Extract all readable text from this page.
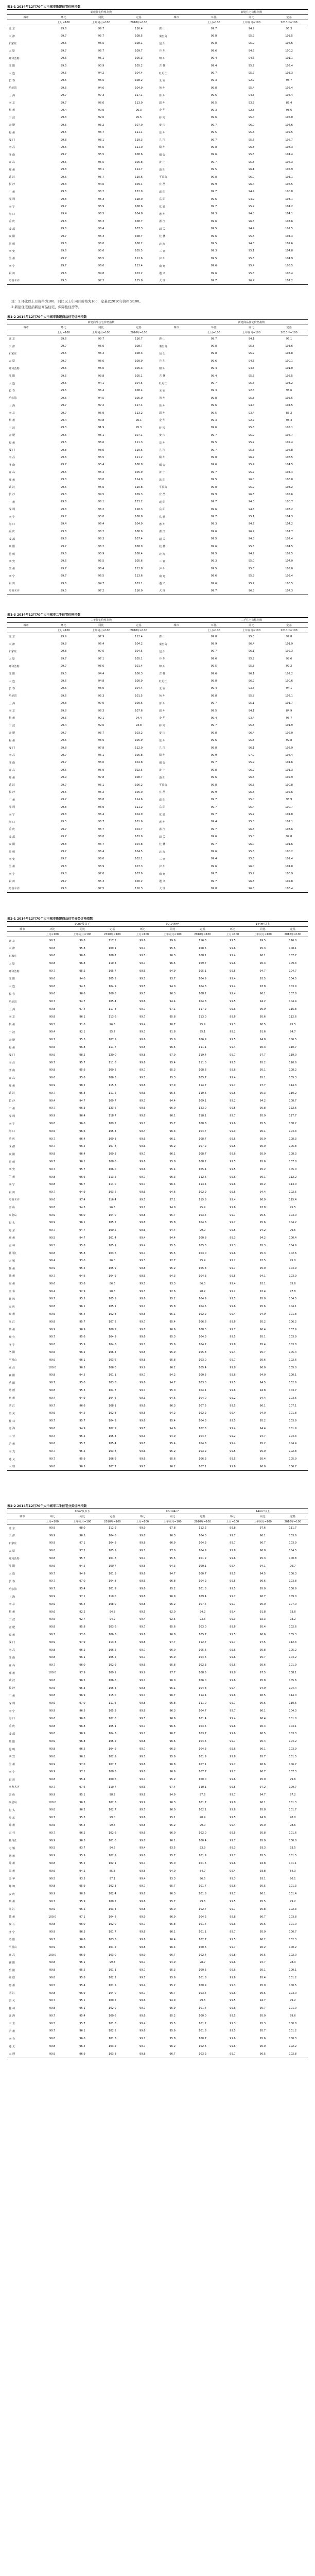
表1-1 2014年12月70个大中城市新建住宅价格指数
	新建住宅价格指数				新建住宅价格指数		
城市	环比	同比	定基	城市	环比	同比	定基
	上月=100	上年同月=100	2010年=100		上月=100	上年同月=100	2010年=100
北 京	99.6	99.7	116.4	唐 山	99.7	94.2	96.3
天 津	99.7	95.7	108.5	秦皇岛	99.8	95.9	103.5
石家庄	99.5	96.5	108.1	包 头	99.8	95.9	104.6
太 原	99.7	96.7	109.7	丹 东	99.6	94.6	100.2
呼和浩特	99.6	95.1	105.3	锦 州	99.4	94.6	101.1
沈 阳	99.5	93.9	105.2	吉 林	99.4	95.7	105.4
大 连	99.5	94.2	104.4	牡丹江	99.7	95.7	103.3
长 春	99.5	96.5	108.2	无 锡	99.3	92.9	95.7
哈尔滨	99.6	94.6	104.9	扬 州	99.8	95.4	105.4
上 海	99.7	97.3	117.1	徐 州	99.6	94.5	104.4
南 京	99.7	96.0	113.0	温 州	99.5	93.5	86.4
杭 州	99.4	90.9	96.3	金 华	99.3	92.8	98.6
宁 波	99.3	92.0	95.5	蚌 埠	99.6	95.4	105.0
合 肥	99.6	95.2	107.0	安 庆	99.7	96.0	104.6
福 州	99.5	96.7	111.1	泉 州	99.5	95.3	102.5
厦 门	99.8	98.1	119.3	九 江	99.7	95.6	106.7
南 昌	99.6	95.6	111.0	赣 州	99.8	96.8	108.3
济 南	99.7	95.5	108.6	烟 台	99.6	95.5	104.4
青 岛	99.5	95.5	105.8	济 宁	99.7	95.8	104.3
郑 州	99.8	98.1	114.7	洛 阳	99.5	96.1	105.9
武 汉	99.6	95.7	110.6	平顶山	99.8	96.0	103.1
长 沙	99.3	94.6	109.1	宜 昌	99.9	96.4	105.5
广 州	99.6	96.2	122.9	襄 阳	99.7	94.4	100.8
深 圳	99.8	96.3	118.0	岳 阳	99.6	94.9	103.1
南 宁	99.7	95.9	108.6	常 德	99.7	95.2	104.2
海 口	99.4	96.5	104.8	惠 州	99.3	94.8	104.1
重 庆	99.6	96.3	108.7	湛 江	99.6	96.5	107.6
成 都	99.6	96.4	107.3	韶 关	99.5	94.4	102.5
贵 阳	99.7	96.3	108.7	桂 林	99.6	95.6	104.4
昆 明	99.6	96.0	108.2	北 海	99.5	94.8	102.6
西 安	99.6	95.6	105.5	三 亚	99.3	95.1	104.8
兰 州	99.7	96.5	112.6	泸 州	99.5	95.6	104.9
西 宁	99.7	96.6	113.4	南 充	99.6	95.4	103.5
银 川	99.6	94.8	103.2	遵 义	99.6	95.8	106.4
乌鲁木齐	99.5	97.3	115.8	大 理	99.7	96.4	107.2
注：1.环比以上月价格为100，同比以上年同月价格为100，定基以2010年价格为100。
2.新建住宅包括新建商品住宅、保障性住房等。
表1-2 2014年12月70个大中城市新建商品住宅价格指数
	新建商品住宅价格指数				新建商品住宅价格指数		
城市	环比	同比	定基	城市	环比	同比	定基
	上月=100	上年同月=100	2010年=100		上月=100	上年同月=100	2010年=100
北 京	99.6	99.7	116.7	唐 山	99.7	94.1	96.1
天 津	99.7	95.6	108.7	秦皇岛	99.8	95.8	103.6
石家庄	99.5	96.4	108.3	包 头	99.8	95.9	104.8
太 原	99.7	96.6	109.9	丹 东	99.6	94.5	100.1
呼和浩特	99.6	95.0	105.3	锦 州	99.4	94.5	101.0
沈 阳	99.5	93.8	105.1	吉 林	99.4	95.6	105.5
大 连	99.5	94.1	104.5	牡丹江	99.7	95.6	103.2
长 春	99.5	96.4	108.4	无 锡	99.3	92.8	95.6
哈尔滨	99.6	94.5	105.0	扬 州	99.8	95.3	105.5
上 海	99.7	97.2	117.4	徐 州	99.6	94.4	104.5
南 京	99.7	95.9	113.2	温 州	99.5	93.4	86.2
杭 州	99.4	90.8	96.1	金 华	99.3	92.7	98.4
宁 波	99.3	91.9	95.3	蚌 埠	99.6	95.3	105.1
合 肥	99.6	95.1	107.1	安 庆	99.7	95.9	104.7
福 州	99.5	96.6	111.3	泉 州	99.5	95.2	102.4
厦 门	99.8	98.0	119.6	九 江	99.7	95.5	106.8
南 昌	99.6	95.5	111.2	赣 州	99.8	96.7	108.5
济 南	99.7	95.4	108.8	烟 台	99.6	95.4	104.5
青 岛	99.5	95.4	105.9	济 宁	99.7	95.7	104.4
郑 州	99.8	98.0	114.9	洛 阳	99.5	96.0	106.0
武 汉	99.6	95.6	110.8	平顶山	99.8	95.9	103.2
长 沙	99.3	94.5	109.3	宜 昌	99.9	96.3	105.6
广 州	99.6	96.1	123.2	襄 阳	99.7	94.3	100.7
深 圳	99.8	96.2	118.3	岳 阳	99.6	94.8	103.2
南 宁	99.7	95.8	108.8	常 德	99.7	95.1	104.3
海 口	99.4	96.4	104.9	惠 州	99.3	94.7	104.2
重 庆	99.6	96.2	108.9	湛 江	99.6	96.4	107.7
成 都	99.6	96.3	107.4	韶 关	99.5	94.3	102.4
贵 阳	99.7	96.2	108.9	桂 林	99.6	95.5	104.5
昆 明	99.6	95.9	108.4	北 海	99.5	94.7	102.5
西 安	99.6	95.5	105.6	三 亚	99.3	95.0	104.9
兰 州	99.7	96.4	112.8	泸 州	99.5	95.5	105.0
西 宁	99.7	96.5	113.6	南 充	99.6	95.3	103.4
银 川	99.6	94.7	103.1	遵 义	99.6	95.7	106.5
乌鲁木齐	99.5	97.2	116.0	大 理	99.7	96.3	107.3
表1-3 2014年12月70个大中城市二手住宅价格指数
	二手住宅价格指数				二手住宅价格指数		
城市	环比	同比	定基	城市	环比	同比	定基
	上月=100	上年同月=100	2010年=100		上月=100	上年同月=100	2010年=100
北 京	99.9	97.9	112.4	唐 山	99.8	95.0	97.8
天 津	99.8	96.4	104.2	秦皇岛	99.9	96.4	101.9
石家庄	99.8	97.0	104.5	包 头	99.7	96.1	102.3
太 原	99.7	97.1	105.1	丹 东	99.6	95.2	98.6
呼和浩特	99.7	95.6	101.4	锦 州	99.5	95.3	99.2
沈 阳	99.5	94.4	100.3	吉 林	99.6	96.1	102.2
大 连	99.6	94.8	100.9	牡丹江	99.8	96.2	100.6
长 春	99.6	96.9	104.4	无 锡	99.4	93.6	94.1
哈尔滨	99.6	95.3	101.5	扬 州	99.8	95.8	102.1
上 海	99.8	97.0	109.6	徐 州	99.7	95.1	101.7
南 京	99.8	96.3	107.6	温 州	99.5	94.1	84.9
杭 州	99.5	92.1	94.4	金 华	99.4	93.4	96.7
宁 波	99.4	92.6	93.8	蚌 埠	99.7	95.8	101.9
合 肥	99.7	95.7	103.2	安 庆	99.8	96.4	102.0
福 州	99.6	96.9	105.9	泉 州	99.6	95.8	99.8
厦 门	99.8	97.8	112.9	九 江	99.8	96.1	102.9
南 昌	99.7	96.1	105.8	赣 州	99.9	97.0	104.4
济 南	99.7	96.0	104.8	烟 台	99.7	95.9	101.6
青 岛	99.6	95.9	102.5	济 宁	99.8	96.2	101.3
郑 州	99.9	97.8	108.7	洛 阳	99.6	96.5	102.9
武 汉	99.7	96.1	106.2	平顶山	99.8	96.5	100.8
长 沙	99.5	95.2	105.0	宜 昌	99.9	96.8	102.6
广 州	99.7	96.8	114.6	襄 阳	99.7	95.0	98.9
深 圳	99.8	96.9	111.2	岳 阳	99.7	95.4	100.7
南 宁	99.8	96.4	104.9	常 德	99.7	95.7	101.8
海 口	99.5	96.7	101.6	惠 州	99.4	95.3	101.1
重 庆	99.7	96.7	104.7	湛 江	99.7	96.8	103.6
成 都	99.7	96.8	103.9	韶 关	99.6	95.0	99.8
贵 阳	99.8	96.7	104.8	桂 林	99.7	96.0	101.6
昆 明	99.7	96.4	104.5	北 海	99.6	95.3	100.2
西 安	99.7	96.0	102.1	三 亚	99.4	95.6	101.4
兰 州	99.8	96.9	107.3	泸 州	99.6	96.0	101.8
西 宁	99.8	97.0	107.9	南 充	99.7	95.9	100.9
银 川	99.7	95.3	100.2	遵 义	99.7	96.3	102.8
乌鲁木齐	99.6	97.5	110.3	大 理	99.8	96.8	103.4
表2-1 2014年12月70个大中城市新建商品住宅分类价格指数
	90m²及以下			90-144m²			144m²以上		
城市	环比	同比	定基	环比	同比	定基	环比	同比	定基
	上月=100	上年同月=100	2010年=100	上月=100	上年同月=100	2010年=100	上月=100	上年同月=100	2010年=100
北 京	99.7	99.8	117.2	99.6	99.6	116.3	99.5	99.5	116.0
天 津	99.8	95.8	109.1	99.7	95.5	108.5	99.6	95.3	108.1
石家庄	99.6	96.6	108.7	99.5	96.3	108.1	99.4	96.1	107.7
太 原	99.8	96.8	110.3	99.7	96.5	109.7	99.6	96.3	109.3
呼和浩特	99.7	95.2	105.7	99.6	94.9	105.1	99.5	94.7	104.7
沈 阳	99.6	94.0	105.5	99.5	93.7	104.9	99.4	93.5	104.5
大 连	99.6	94.3	104.9	99.5	94.0	104.3	99.4	93.8	103.9
长 春	99.6	96.6	108.8	99.5	96.3	108.2	99.4	96.1	107.8
哈尔滨	99.7	94.7	105.4	99.6	94.4	104.8	99.5	94.2	104.4
上 海	99.8	97.4	117.8	99.7	97.1	117.2	99.6	96.9	116.8
南 京	99.8	96.1	113.6	99.7	95.8	113.0	99.6	95.6	112.6
杭 州	99.5	91.0	96.5	99.4	90.7	95.9	99.3	90.5	95.5
宁 波	99.4	92.1	95.7	99.3	91.8	95.1	99.2	91.6	94.7
合 肥	99.7	95.3	107.5	99.6	95.0	106.9	99.5	94.8	106.5
福 州	99.6	96.8	111.7	99.5	96.5	111.1	99.4	96.3	110.7
厦 门	99.9	98.2	120.0	99.8	97.9	119.4	99.7	97.7	119.0
南 昌	99.7	95.7	111.6	99.6	95.4	111.0	99.5	95.2	110.6
济 南	99.8	95.6	109.2	99.7	95.3	108.6	99.6	95.1	108.2
青 岛	99.6	95.6	106.3	99.5	95.3	105.7	99.4	95.1	105.3
郑 州	99.9	98.2	115.3	99.8	97.9	114.7	99.7	97.7	114.3
武 汉	99.7	95.8	111.2	99.6	95.5	110.6	99.5	95.3	110.2
长 沙	99.4	94.7	109.7	99.3	94.4	109.1	99.2	94.2	108.7
广 州	99.7	96.3	123.6	99.6	96.0	123.0	99.5	95.8	122.6
深 圳	99.9	96.4	118.7	99.8	96.1	118.1	99.7	95.9	117.7
南 宁	99.8	96.0	109.2	99.7	95.7	108.6	99.6	95.5	108.2
海 口	99.5	96.6	105.3	99.4	96.3	104.7	99.3	96.1	104.3
重 庆	99.7	96.4	109.3	99.6	96.1	108.7	99.5	95.9	108.3
成 都	99.7	96.5	107.8	99.6	96.2	107.2	99.5	96.0	106.8
贵 阳	99.8	96.4	109.3	99.7	96.1	108.7	99.6	95.9	108.3
昆 明	99.7	96.1	108.8	99.6	95.8	108.2	99.5	95.6	107.8
西 安	99.7	95.7	106.0	99.6	95.4	105.4	99.5	95.2	105.0
兰 州	99.8	96.6	113.2	99.7	96.3	112.6	99.6	96.1	112.2
西 宁	99.8	96.7	114.0	99.7	96.4	113.4	99.6	96.2	113.0
银 川	99.7	94.9	103.5	99.6	94.6	102.9	99.5	94.4	102.5
乌鲁木齐	99.6	97.4	116.4	99.5	97.1	115.8	99.4	96.9	115.4
唐 山	99.8	94.3	96.5	99.7	94.0	95.9	99.6	93.8	95.5
秦皇岛	99.9	96.0	104.0	99.8	95.7	103.4	99.7	95.5	103.0
包 头	99.9	96.1	105.2	99.8	95.8	104.6	99.7	95.6	104.2
丹 东	99.7	94.7	100.5	99.6	94.4	99.9	99.5	94.2	99.5
锦 州	99.5	94.7	101.4	99.4	94.4	100.8	99.3	94.2	100.4
吉 林	99.5	95.8	105.9	99.4	95.5	105.3	99.3	95.3	104.9
牡丹江	99.8	95.8	103.6	99.7	95.5	103.0	99.6	95.3	102.6
无 锡	99.4	93.0	96.0	99.3	92.7	95.4	99.2	92.5	95.0
扬 州	99.9	95.5	105.9	99.8	95.2	105.3	99.7	95.0	104.9
徐 州	99.7	94.6	104.9	99.6	94.3	104.3	99.5	94.1	103.9
温 州	99.6	93.6	86.6	99.5	93.3	86.0	99.4	93.1	85.6
金 华	99.4	92.9	98.8	99.3	92.6	98.2	99.2	92.4	97.8
蚌 埠	99.7	95.5	105.5	99.6	95.2	104.9	99.5	95.0	104.5
安 庆	99.8	96.1	105.1	99.7	95.8	104.5	99.6	95.6	104.1
泉 州	99.6	95.4	102.8	99.5	95.1	102.2	99.4	94.9	101.8
九 江	99.8	95.7	107.2	99.7	95.4	106.6	99.6	95.2	106.2
赣 州	99.9	96.9	108.9	99.8	96.6	108.3	99.7	96.4	107.9
烟 台	99.7	95.6	104.9	99.6	95.3	104.3	99.5	95.1	103.9
济 宁	99.8	95.9	104.8	99.7	95.6	104.2	99.6	95.4	103.8
洛 阳	99.6	96.2	106.4	99.5	95.9	105.8	99.4	95.7	105.4
平顶山	99.9	96.1	103.6	99.8	95.8	103.0	99.7	95.6	102.6
宜 昌	100.0	96.5	106.0	99.9	96.2	105.4	99.8	96.0	105.0
襄 阳	99.8	94.5	101.1	99.7	94.2	100.5	99.6	94.0	100.1
岳 阳	99.7	95.0	103.6	99.6	94.7	103.0	99.5	94.5	102.6
常 德	99.8	95.3	104.7	99.7	95.0	104.1	99.6	94.8	103.7
惠 州	99.4	94.9	104.6	99.3	94.6	104.0	99.2	94.4	103.6
湛 江	99.7	96.6	108.1	99.6	96.3	107.5	99.5	96.1	107.1
韶 关	99.6	94.5	102.8	99.5	94.2	102.2	99.4	94.0	101.8
桂 林	99.7	95.7	104.9	99.6	95.4	104.3	99.5	95.2	103.9
北 海	99.6	94.9	102.9	99.5	94.6	102.3	99.4	94.4	101.9
三 亚	99.4	95.2	105.3	99.3	94.9	104.7	99.2	94.7	104.3
泸 州	99.6	95.7	105.4	99.5	95.4	104.8	99.4	95.2	104.4
南 充	99.7	95.5	103.8	99.6	95.2	103.2	99.5	95.0	102.8
遵 义	99.7	95.9	106.9	99.6	95.6	106.3	99.5	95.4	105.9
大 理	99.8	96.5	107.7	99.7	96.2	107.1	99.6	96.0	106.7
表2-2 2014年12月70个大中城市二手住宅分类价格指数
	90m²及以下			90-144m²			144m²以上		
城市	环比	同比	定基	环比	同比	定基	环比	同比	定基
	上月=100	上年同月=100	2010年=100	上月=100	上年同月=100	2010年=100	上月=100	上年同月=100	2010年=100
北 京	99.9	98.0	112.9	99.9	97.8	112.2	99.8	97.6	111.7
天 津	99.9	96.5	104.6	99.8	96.3	104.0	99.7	96.1	103.6
石家庄	99.9	97.1	104.9	99.8	96.9	104.3	99.7	96.7	103.9
太 原	99.8	97.2	105.5	99.7	97.0	104.9	99.6	96.8	104.5
呼和浩特	99.8	95.7	101.8	99.7	95.5	101.2	99.6	95.3	100.8
沈 阳	99.6	94.5	100.7	99.5	94.3	100.1	99.4	94.1	99.7
大 连	99.7	94.9	101.3	99.6	94.7	100.7	99.5	94.5	100.3
长 春	99.7	97.0	104.8	99.6	96.8	104.2	99.5	96.6	103.8
哈尔滨	99.7	95.4	101.9	99.6	95.2	101.3	99.5	95.0	100.9
上 海	99.9	97.1	110.0	99.8	96.9	109.4	99.7	96.7	109.0
南 京	99.9	96.4	108.0	99.8	96.2	107.4	99.7	96.0	107.0
杭 州	99.6	92.2	94.8	99.5	92.0	94.2	99.4	91.8	93.8
宁 波	99.5	92.7	94.2	99.4	92.5	93.6	99.3	92.3	93.2
合 肥	99.8	95.8	103.6	99.7	95.6	103.0	99.6	95.4	102.6
福 州	99.7	97.0	106.3	99.6	96.8	105.7	99.5	96.6	105.3
厦 门	99.9	97.9	113.3	99.8	97.7	112.7	99.7	97.5	112.3
南 昌	99.8	96.2	106.2	99.7	96.0	105.6	99.6	95.8	105.2
济 南	99.8	96.1	105.2	99.7	95.9	104.6	99.6	95.7	104.2
青 岛	99.7	96.0	102.9	99.6	95.8	102.3	99.5	95.6	101.9
郑 州	100.0	97.9	109.1	99.9	97.7	108.5	99.8	97.5	108.1
武 汉	99.8	96.2	106.6	99.7	96.0	106.0	99.6	95.8	105.6
长 沙	99.6	95.3	105.4	99.5	95.1	104.8	99.4	94.9	104.4
广 州	99.8	96.9	115.0	99.7	96.7	114.4	99.6	96.5	114.0
深 圳	99.9	97.0	111.6	99.8	96.8	111.0	99.7	96.6	110.6
南 宁	99.9	96.5	105.3	99.8	96.3	104.7	99.7	96.1	104.3
海 口	99.6	96.8	102.0	99.5	96.6	101.4	99.4	96.4	101.0
重 庆	99.8	96.8	105.1	99.7	96.6	104.5	99.6	96.4	104.1
成 都	99.8	96.9	104.3	99.7	96.7	103.7	99.6	96.5	103.3
贵 阳	99.9	96.8	105.2	99.8	96.6	104.6	99.7	96.4	104.2
昆 明	99.8	96.5	104.9	99.7	96.3	104.3	99.6	96.1	103.9
西 安	99.8	96.1	102.5	99.7	95.9	101.9	99.6	95.7	101.5
兰 州	99.9	97.0	107.7	99.8	96.8	107.1	99.7	96.6	106.7
西 宁	99.9	97.1	108.3	99.8	96.9	107.7	99.7	96.7	107.3
银 川	99.8	95.4	100.6	99.7	95.2	100.0	99.6	95.0	99.6
乌鲁木齐	99.7	97.6	110.7	99.6	97.4	110.1	99.5	97.2	109.7
唐 山	99.9	95.1	98.2	99.8	94.9	97.6	99.7	94.7	97.2
秦皇岛	100.0	96.5	102.3	99.9	96.3	101.7	99.8	96.1	101.3
包 头	99.8	96.2	102.7	99.7	96.0	102.1	99.6	95.8	101.7
丹 东	99.7	95.3	99.0	99.6	95.1	98.4	99.5	94.9	98.0
锦 州	99.6	95.4	99.6	99.5	95.2	99.0	99.4	95.0	98.6
吉 林	99.7	96.2	102.6	99.6	96.0	102.0	99.5	95.8	101.6
牡丹江	99.9	96.3	101.0	99.8	96.1	100.4	99.7	95.9	100.0
无 锡	99.5	93.7	94.5	99.4	93.5	93.9	99.3	93.3	93.5
扬 州	99.9	95.9	102.5	99.8	95.7	101.9	99.7	95.5	101.5
徐 州	99.8	95.2	102.1	99.7	95.0	101.5	99.6	94.8	101.1
温 州	99.6	94.2	85.3	99.5	94.0	84.7	99.4	93.8	84.3
金 华	99.5	93.5	97.1	99.4	93.3	96.5	99.3	93.1	96.1
蚌 埠	99.8	95.9	102.3	99.7	95.7	101.7	99.6	95.5	101.3
安 庆	99.9	96.5	102.4	99.8	96.3	101.8	99.7	96.1	101.4
泉 州	99.7	95.9	100.2	99.6	95.7	99.6	99.5	95.5	99.2
九 江	99.9	96.2	103.3	99.8	96.0	102.7	99.7	95.8	102.3
赣 州	100.0	97.1	104.8	99.9	96.9	104.2	99.8	96.7	103.8
烟 台	99.8	96.0	102.0	99.7	95.8	101.4	99.6	95.6	101.0
济 宁	99.9	96.3	101.7	99.8	96.1	101.1	99.7	95.9	100.7
洛 阳	99.7	96.6	103.3	99.6	96.4	102.7	99.5	96.2	102.3
平顶山	99.9	96.6	101.2	99.8	96.4	100.6	99.7	96.2	100.2
宜 昌	100.0	96.9	103.0	99.9	96.7	102.4	99.8	96.5	102.0
襄 阳	99.8	95.1	99.3	99.7	94.9	98.7	99.6	94.7	98.3
岳 阳	99.8	95.5	101.1	99.7	95.3	100.5	99.6	95.1	100.1
常 德	99.8	95.8	102.2	99.7	95.6	101.6	99.6	95.4	101.2
惠 州	99.5	95.4	101.5	99.4	95.2	100.9	99.3	95.0	100.5
湛 江	99.8	96.9	104.0	99.7	96.7	103.4	99.6	96.5	103.0
韶 关	99.7	95.1	100.2	99.6	94.9	99.6	99.5	94.7	99.2
桂 林	99.8	96.1	102.0	99.7	95.9	101.4	99.6	95.7	101.0
北 海	99.7	95.4	100.6	99.6	95.2	100.0	99.5	95.0	99.6
三 亚	99.5	95.7	101.8	99.4	95.5	101.2	99.3	95.3	100.8
泸 州	99.7	96.1	102.2	99.6	95.9	101.6	99.5	95.7	101.2
南 充	99.8	96.0	101.3	99.7	95.8	100.7	99.6	95.6	100.3
遵 义	99.8	96.4	103.2	99.7	96.2	102.6	99.6	96.0	102.2
大 理	99.9	96.9	103.8	99.8	96.7	103.2	99.7	96.5	102.8
